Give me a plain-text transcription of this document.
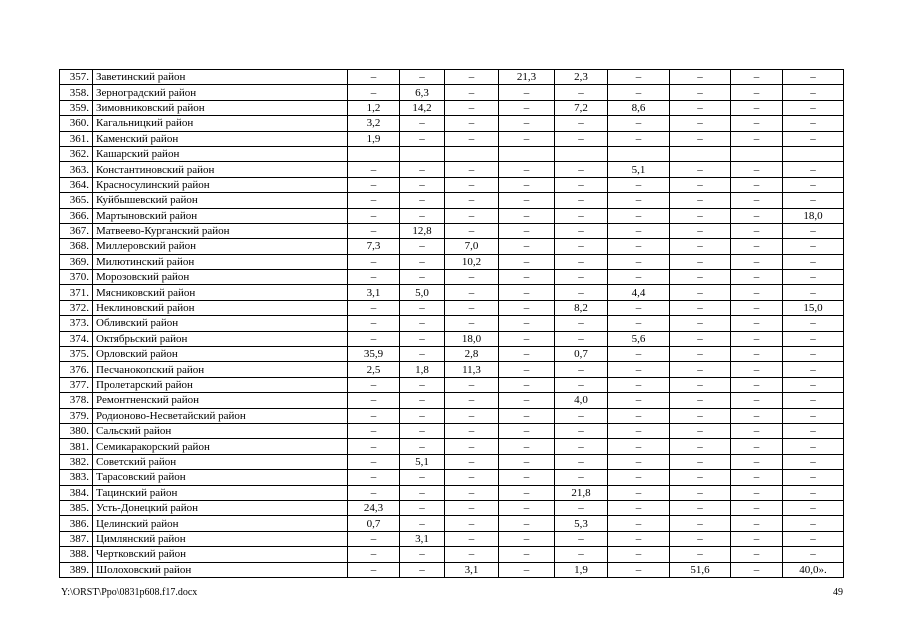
357.	Заветинский район	–	–	–	21,3	2,3	–	–	–	–
358.	Зерноградский район	–	6,3	–	–	–	–	–	–	–
359.	Зимовниковский район	1,2	14,2	–	–	7,2	8,6	–	–	–
360.	Кагальницкий район	3,2	–	–	–	–	–	–	–	–
361.	Каменский район	1,9	–	–	–	–	–	–	–	–
362.	Кашарский район									
363.	Константиновский район	–	–	–	–	–	5,1	–	–	–
364.	Красносулинский район	–	–	–	–	–	–	–	–	–
365.	Куйбышевский район	–	–	–	–	–	–	–	–	–
366.	Мартыновский район	–	–	–	–	–	–	–	–	18,0
367.	Матвеево-Курганский район	–	12,8	–	–	–	–	–	–	–
368.	Миллеровский район	7,3	–	7,0	–	–	–	–	–	–
369.	Милютинский район	–	–	10,2	–	–	–	–	–	–
370.	Морозовский район	–	–	–	–	–	–	–	–	–
371.	Мясниковский район	3,1	5,0	–	–	–	4,4	–	–	–
372.	Неклиновский район	–	–	–	–	8,2	–	–	–	15,0
373.	Обливский район	–	–	–	–	–	–	–	–	–
374.	Октябрьский район	–	–	18,0	–	–	5,6	–	–	–
375.	Орловский район	35,9	–	2,8	–	0,7	–	–	–	–
376.	Песчанокопский район	2,5	1,8	11,3	–	–	–	–	–	–
377.	Пролетарский район	–	–	–	–	–	–	–	–	–
378.	Ремонтненский район	–	–	–	–	4,0	–	–	–	–
379.	Родионово-Несветайский район	–	–	–	–	–	–	–	–	–
380.	Сальский район	–	–	–	–	–	–	–	–	–
381.	Семикаракорский район	–	–	–	–	–	–	–	–	–
382.	Советский район	–	5,1	–	–	–	–	–	–	–
383.	Тарасовский район	–	–	–	–	–	–	–	–	–
384.	Тацинский район	–	–	–	–	21,8	–	–	–	–
385.	Усть-Донецкий район	24,3	–	–	–	–	–	–	–	–
386.	Целинский район	0,7	–	–	–	5,3	–	–	–	–
387.	Цимлянский район	–	3,1	–	–	–	–	–	–	–
388.	Чертковский район	–	–	–	–	–	–	–	–	–
389.	Шолоховский район	–	–	3,1	–	1,9	–	51,6	–	40,0».
Y:\ORST\Ppo\0831p608.f17.docx	49
